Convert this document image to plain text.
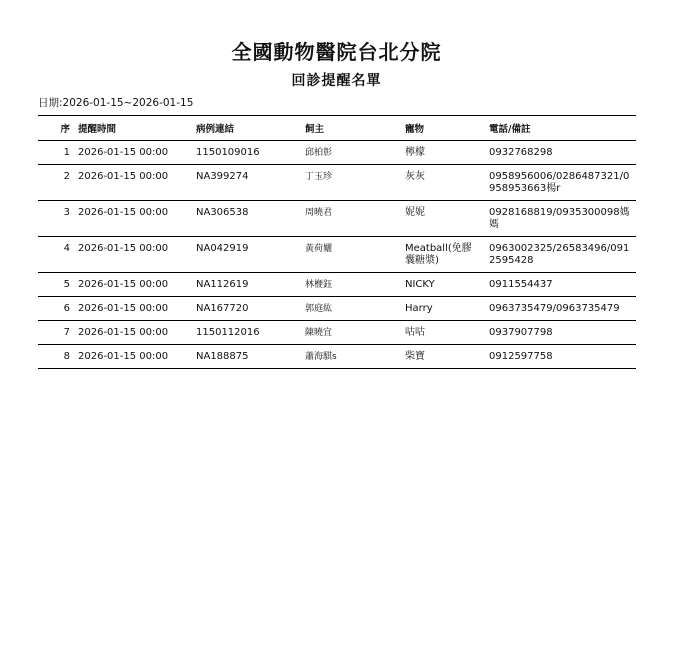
全國動物醫院台北分院
回診提醒名單
日期:2026-01-15~2026-01-15
序	提醒時間	病例連結	飼主	寵物	電話/備註
1	2026-01-15 00:00	1150109016	邱柏彰	檸檬	0932768298
2	2026-01-15 00:00	NA399274	丁玉珍	灰灰	0958956006/0286487321/0958953663楊r
3	2026-01-15 00:00	NA306538	周曉君	妮妮	0928168819/0935300098媽媽
4	2026-01-15 00:00	NA042919	黃荷孋	Meatball(免膠囊糖漿)	0963002325/26583496/0912595428
5	2026-01-15 00:00	NA112619	林楩鈺	NICKY	0911554437
6	2026-01-15 00:00	NA167720	郭庭紘	Harry	0963735479/0963735479
7	2026-01-15 00:00	1150112016	陳曉宜	咕咕	0937907798
8	2026-01-15 00:00	NA188875	蕭海騏s	柴寶	0912597758
